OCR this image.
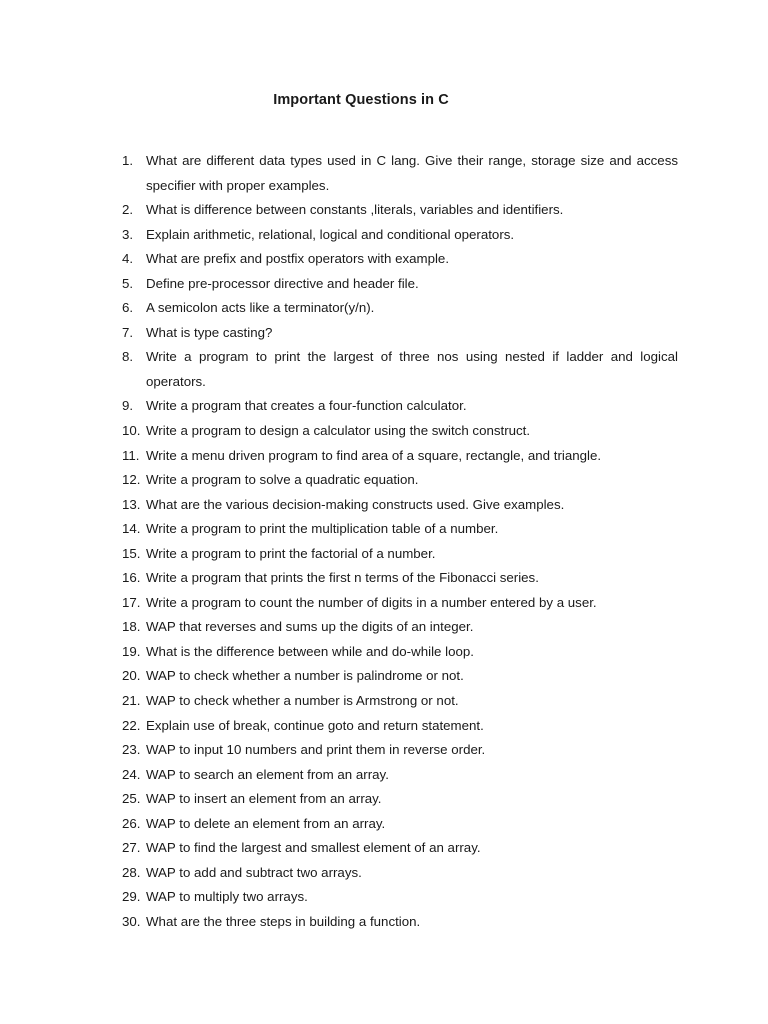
Important Questions in C
1. What are different data types used in C lang. Give their range, storage size and access specifier with proper examples.
2. What is difference between constants ,literals, variables and identifiers.
3. Explain arithmetic, relational, logical and conditional operators.
4. What are prefix and postfix operators with example.
5. Define pre-processor directive and header file.
6. A semicolon acts like a terminator(y/n).
7. What is type casting?
8. Write a program to print the largest of three nos using nested if ladder and logical operators.
9. Write a program that creates a four-function calculator.
10. Write a program to design a calculator using the switch construct.
11. Write a menu driven program to find area of a square, rectangle, and triangle.
12. Write a program to solve a quadratic equation.
13. What are the various decision-making constructs used. Give examples.
14. Write a program to print the multiplication table of a number.
15. Write a program to print the factorial of a number.
16. Write a program that prints the first n terms of the Fibonacci series.
17. Write a program to count the number of digits in a number entered by a user.
18. WAP that reverses and sums up the digits of an integer.
19. What is the difference between while and do-while loop.
20. WAP to check whether a number is palindrome or not.
21. WAP to check whether a number is Armstrong or not.
22. Explain use of break, continue goto and return statement.
23. WAP to input 10 numbers and print them in reverse order.
24. WAP to search an element from an array.
25. WAP to insert an element from an array.
26. WAP to delete an element from an array.
27. WAP to find the largest and smallest element of an array.
28. WAP to add and subtract two arrays.
29. WAP to multiply two arrays.
30. What are the three steps in building a function.
